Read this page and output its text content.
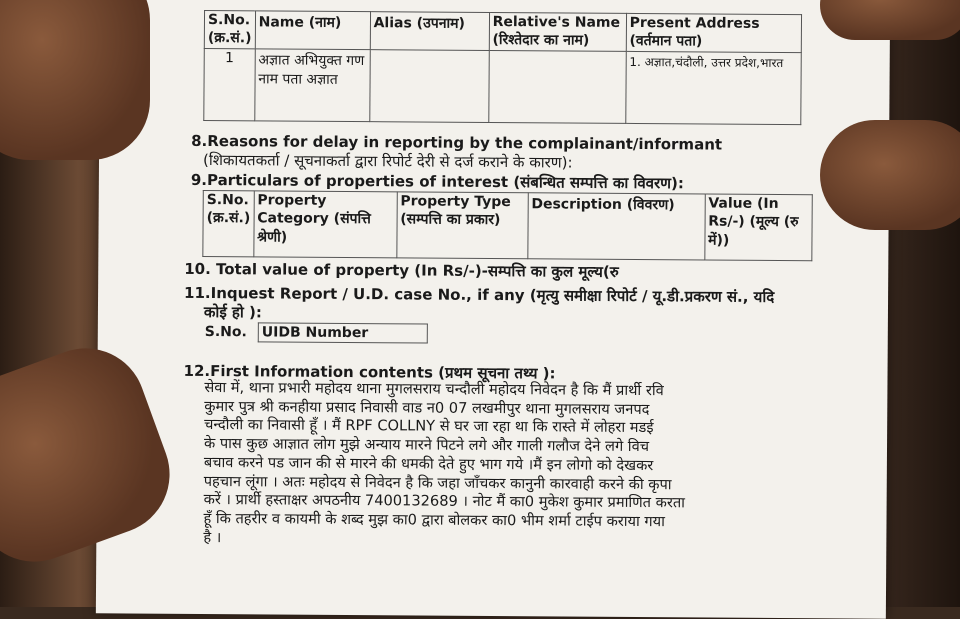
S.No. (क्र.सं.)	Name (नाम)	Alias (उपनाम)	Relative's Name (रिश्तेदार का नाम)	Present Address (वर्तमान पता)
1	अज्ञात अभियुक्त गण नाम पता अज्ञात			1. अज्ञात,चंदौली, उत्तर प्रदेश,भारत
8.Reasons for delay in reporting by the complainant/informant
(शिकायतकर्ता / सूचनाकर्ता द्वारा रिपोर्ट देरी से दर्ज कराने के कारण):
9.Particulars of properties of interest (संबन्धित सम्पत्ति का विवरण):
S.No. (क्र.सं.)	Property Category (संपत्ति श्रेणी)	Property Type (सम्पत्ति का प्रकार)	Description (विवरण)	Value (In Rs/-) (मूल्य (रु में))
10. Total value of property (In Rs/-)-सम्पत्ति का कुल मूल्य(रु
11.Inquest Report / U.D. case No., if any (मृत्यु समीक्षा रिपोर्ट / यू.डी.प्रकरण सं., यदि
कोई हो ):
S.No.	UIDB Number
12.First Information contents (प्रथम सूचना तथ्य ):
सेवा में, थाना प्रभारी महोदय थाना मुगलसराय चन्दौली महोदय निवेदन है कि मैं प्रार्थी रवि
कुमार पुत्र श्री कनहीया प्रसाद निवासी वाड न0 07 लखमीपुर थाना मुगलसराय जनपद
चन्दौली का निवासी हूँ । मैं RPF COLLNY से घर जा रहा था कि रास्ते में लोहरा मडई
के पास कुछ आज्ञात लोग मुझे अन्याय मारने पिटने लगे और गाली गलौज देने लगे विच
बचाव करने पड जान की से मारने की धमकी देते हुए भाग गये ।मैं इन लोगो को देखकर
पहचान लूंगा । अतः महोदय से निवेदन है कि जहा जाँचकर कानुनी कारवाही करने की कृपा
करें । प्रार्थी हस्ताक्षर अपठनीय 7400132689 । नोट मैं का0 मुकेश कुमार प्रमाणित करता
हूँ कि तहरीर व कायमी के शब्द मुझ का0 द्वारा बोलकर का0 भीम शर्मा टाईप कराया गया
है ।
